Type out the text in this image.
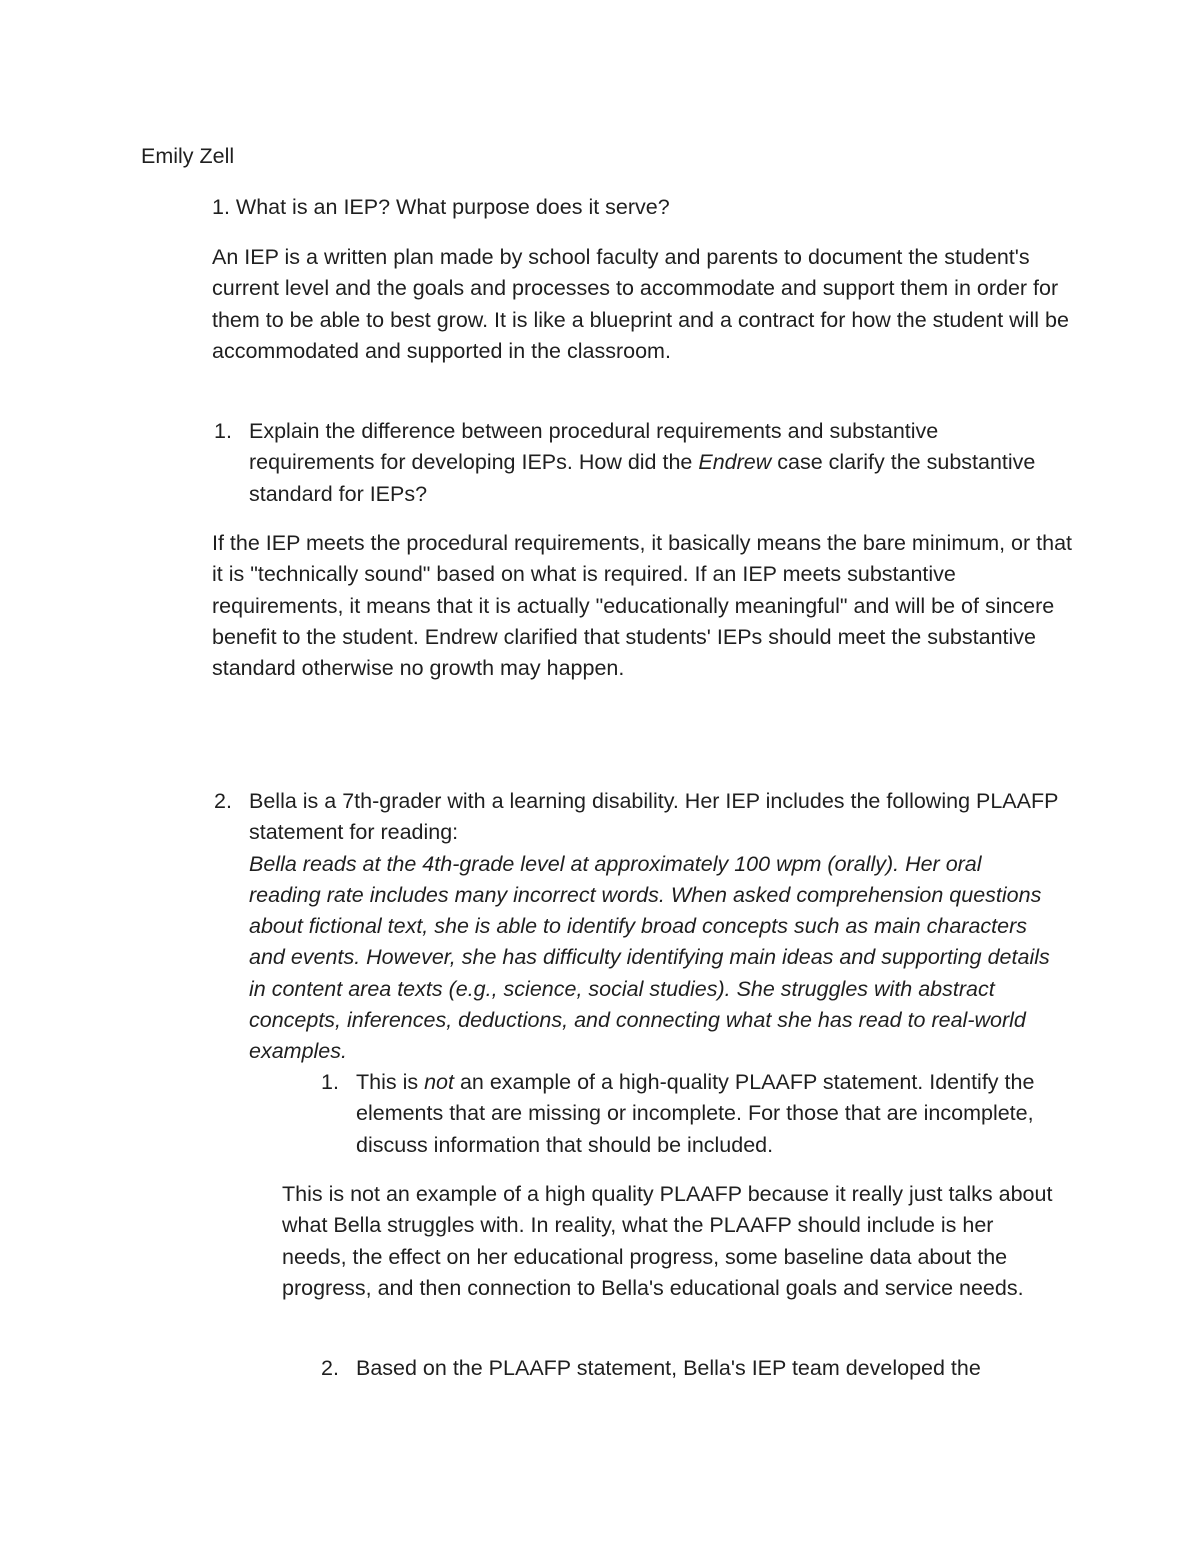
Emily Zell

1. What is an IEP? What purpose does it serve?

An IEP is a written plan made by school faculty and parents to document the student's current level and the goals and processes to accommodate and support them in order for them to be able to best grow. It is like a blueprint and a contract for how the student will be accommodated and supported in the classroom.

1. Explain the difference between procedural requirements and substantive requirements for developing IEPs. How did the Endrew case clarify the substantive standard for IEPs?

If the IEP meets the procedural requirements, it basically means the bare minimum, or that it is "technically sound" based on what is required. If an IEP meets substantive requirements, it means that it is actually "educationally meaningful" and will be of sincere benefit to the student. Endrew clarified that students' IEPs should meet the substantive standard otherwise no growth may happen.

2. Bella is a 7th-grader with a learning disability. Her IEP includes the following PLAAFP statement for reading:
Bella reads at the 4th-grade level at approximately 100 wpm (orally). Her oral reading rate includes many incorrect words. When asked comprehension questions about fictional text, she is able to identify broad concepts such as main characters and events. However, she has difficulty identifying main ideas and supporting details in content area texts (e.g., science, social studies). She struggles with abstract concepts, inferences, deductions, and connecting what she has read to real-world examples.
1. This is not an example of a high-quality PLAAFP statement. Identify the elements that are missing or incomplete. For those that are incomplete, discuss information that should be included.

This is not an example of a high quality PLAAFP because it really just talks about what Bella struggles with. In reality, what the PLAAFP should include is her needs, the effect on her educational progress, some baseline data about the progress, and then connection to Bella's educational goals and service needs.

2. Based on the PLAAFP statement, Bella's IEP team developed the
